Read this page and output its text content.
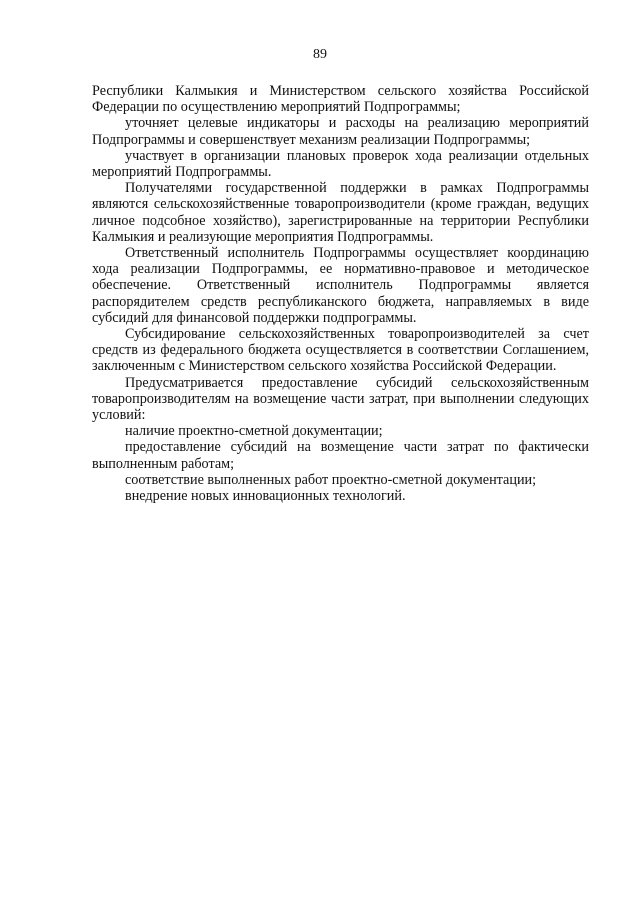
89

Республики Калмыкия и Министерством сельского хозяйства Российской Федерации по осуществлению мероприятий Подпрограммы;

уточняет целевые индикаторы и расходы на реализацию мероприятий Подпрограммы и совершенствует механизм реализации Подпрограммы;

участвует в организации плановых проверок хода реализации отдельных мероприятий Подпрограммы.

Получателями государственной поддержки в рамках Подпрограммы являются сельскохозяйственные товаропроизводители (кроме граждан, ведущих личное подсобное хозяйство), зарегистрированные на территории Республики Калмыкия и реализующие мероприятия Подпрограммы.

Ответственный исполнитель Подпрограммы осуществляет координацию хода реализации Подпрограммы, ее нормативно-правовое и методическое обеспечение. Ответственный исполнитель Подпрограммы является распорядителем средств республиканского бюджета, направляемых в виде субсидий для финансовой поддержки подпрограммы.

Субсидирование сельскохозяйственных товаропроизводителей за счет средств из федерального бюджета осуществляется в соответствии Соглашением, заключенным с Министерством сельского хозяйства Российской Федерации.

Предусматривается предоставление субсидий сельскохозяйственным товаропроизводителям на возмещение части затрат, при выполнении следующих условий:

наличие проектно-сметной документации;

предоставление субсидий на возмещение части затрат по фактически выполненным работам;

соответствие выполненных работ проектно-сметной документации;

внедрение новых инновационных технологий.
